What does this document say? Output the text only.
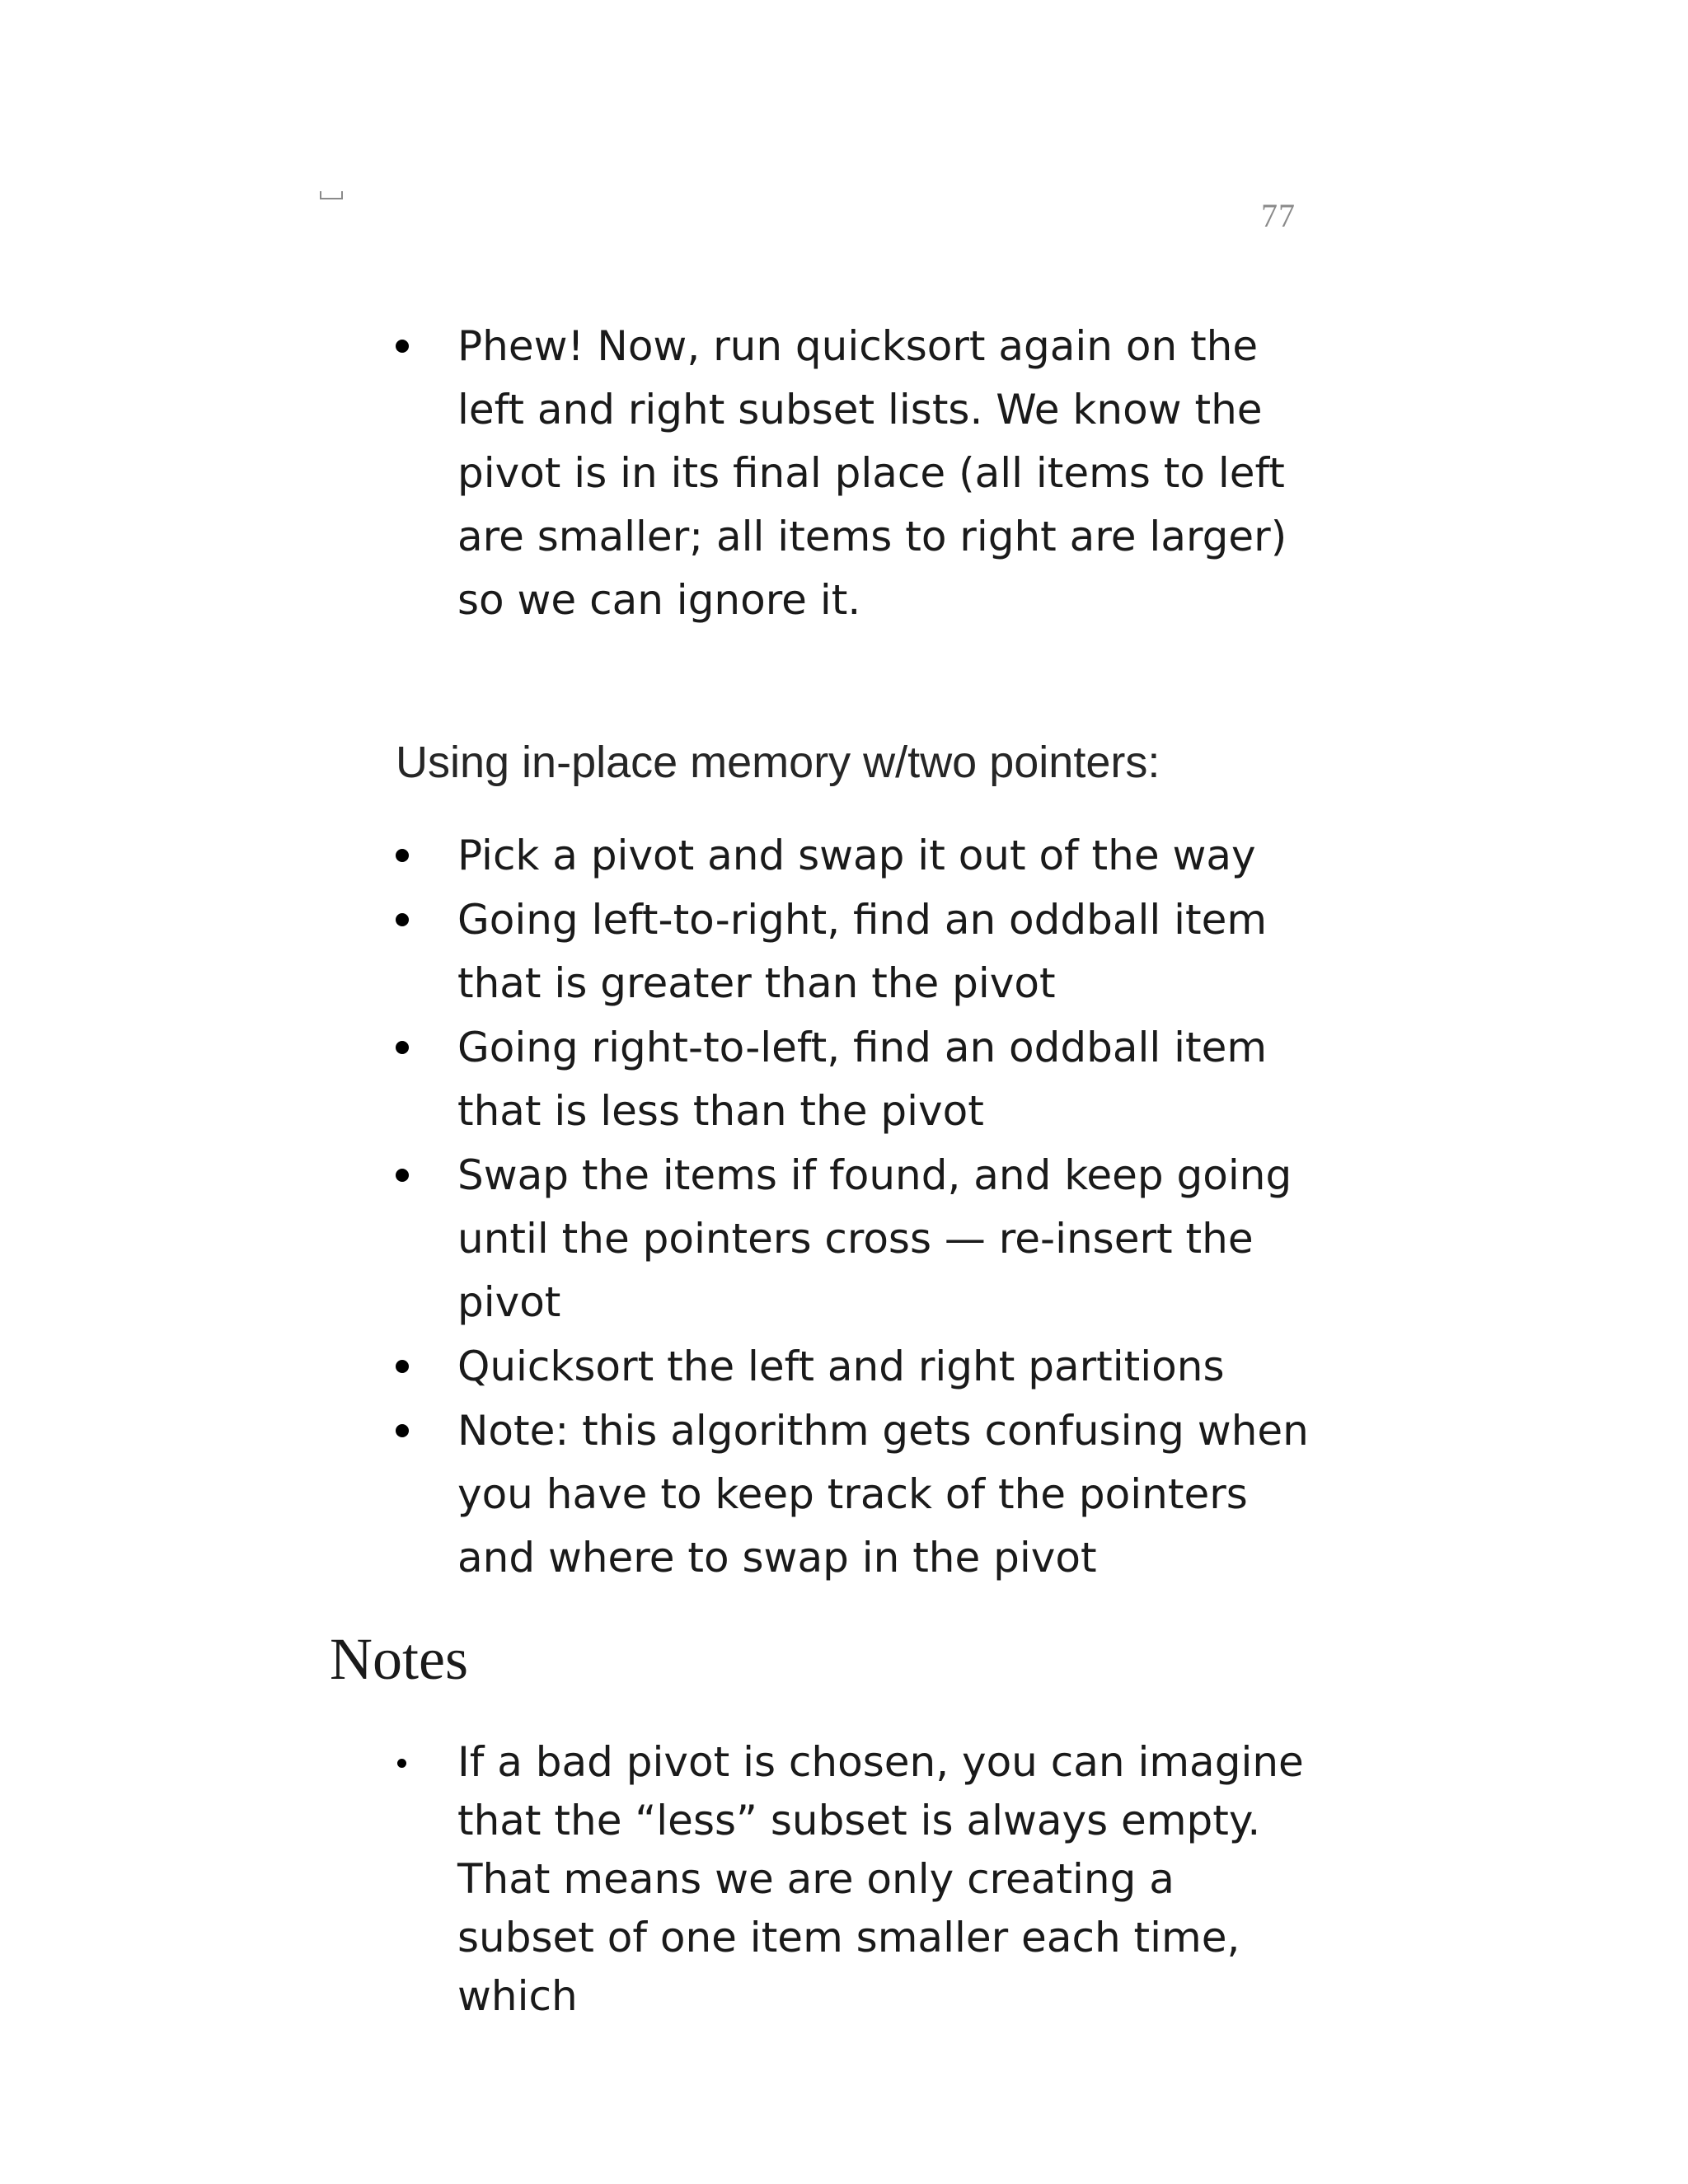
77
Phew! Now, run quicksort again on the left and right subset lists. We know the pivot is in its final place (all items to left are smaller; all items to right are larger) so we can ignore it.
Using in-place memory w/two pointers:
Pick a pivot and swap it out of the way
Going left-to-right, find an oddball item that is greater than the pivot
Going right-to-left, find an oddball item that is less than the pivot
Swap the items if found, and keep going until the pointers cross — re-insert the pivot
Quicksort the left and right partitions
Note: this algorithm gets confusing when you have to keep track of the pointers and where to swap in the pivot
Notes
If a bad pivot is chosen, you can imagine that the “less” subset is always empty. That means we are only creating a subset of one item smaller each time, which
